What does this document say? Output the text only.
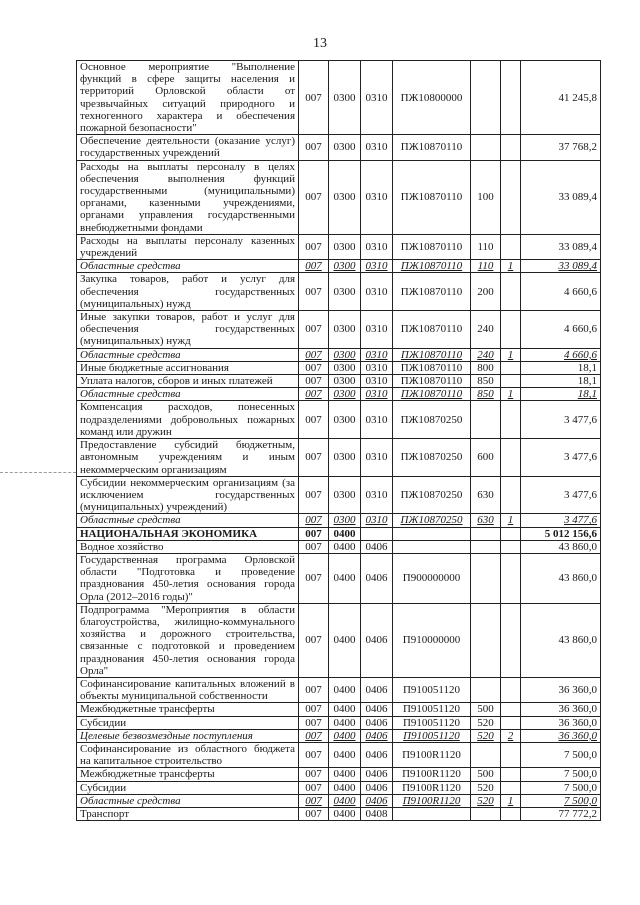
13
Основное мероприятие "Выполнение функций в сфере защиты населения и территорий Орловской области от чрезвычайных ситуаций природного и техногенного характера и обеспечения пожарной безопасности"	007	0300	0310	ПЖ10800000			41 245,8
Обеспечение деятельности (оказание услуг) государственных учреждений	007	0300	0310	ПЖ10870110			37 768,2
Расходы на выплаты персоналу в целях обеспечения выполнения функций государственными (муниципальными) органами, казенными учреждениями, органами управления государственными внебюджетными фондами	007	0300	0310	ПЖ10870110	100		33 089,4
Расходы на выплаты персоналу казенных учреждений	007	0300	0310	ПЖ10870110	110		33 089,4
Областные средства	007	0300	0310	ПЖ10870110	110	1	33 089,4
Закупка товаров, работ и услуг для обеспечения государственных (муниципальных) нужд	007	0300	0310	ПЖ10870110	200		4 660,6
Иные закупки товаров, работ и услуг для обеспечения государственных (муниципальных) нужд	007	0300	0310	ПЖ10870110	240		4 660,6
Областные средства	007	0300	0310	ПЖ10870110	240	1	4 660,6
Иные бюджетные ассигнования	007	0300	0310	ПЖ10870110	800		18,1
Уплата налогов, сборов и иных платежей	007	0300	0310	ПЖ10870110	850		18,1
Областные средства	007	0300	0310	ПЖ10870110	850	1	18,1
Компенсация расходов, понесенных подразделениями добровольных пожарных команд или дружин	007	0300	0310	ПЖ10870250			3 477,6
Предоставление субсидий бюджетным, автономным учреждениям и иным некоммерческим организациям	007	0300	0310	ПЖ10870250	600		3 477,6
Субсидии некоммерческим организациям (за исключением государственных (муниципальных) учреждений)	007	0300	0310	ПЖ10870250	630		3 477,6
Областные средства	007	0300	0310	ПЖ10870250	630	1	3 477,6
НАЦИОНАЛЬНАЯ ЭКОНОМИКА	007	0400					5 012 156,6
Водное хозяйство	007	0400	0406				43 860,0
Государственная программа Орловской области "Подготовка и проведение празднования 450-летия основания города Орла (2012–2016 годы)"	007	0400	0406	П900000000			43 860,0
Подпрограмма "Мероприятия в области благоустройства, жилищно-коммунального хозяйства и дорожного строительства, связанные с подготовкой и проведением празднования 450-летия основания города Орла"	007	0400	0406	П910000000			43 860,0
Софинансирование капитальных вложений в объекты муниципальной собственности	007	0400	0406	П910051120			36 360,0
Межбюджетные трансферты	007	0400	0406	П910051120	500		36 360,0
Субсидии	007	0400	0406	П910051120	520		36 360,0
Целевые безвозмездные поступления	007	0400	0406	П910051120	520	2	36 360,0
Софинансирование из областного бюджета на капитальное строительство	007	0400	0406	П9100R1120			7 500,0
Межбюджетные трансферты	007	0400	0406	П9100R1120	500		7 500,0
Субсидии	007	0400	0406	П9100R1120	520		7 500,0
Областные средства	007	0400	0406	П9100R1120	520	1	7 500,0
Транспорт	007	0400	0408				77 772,2
